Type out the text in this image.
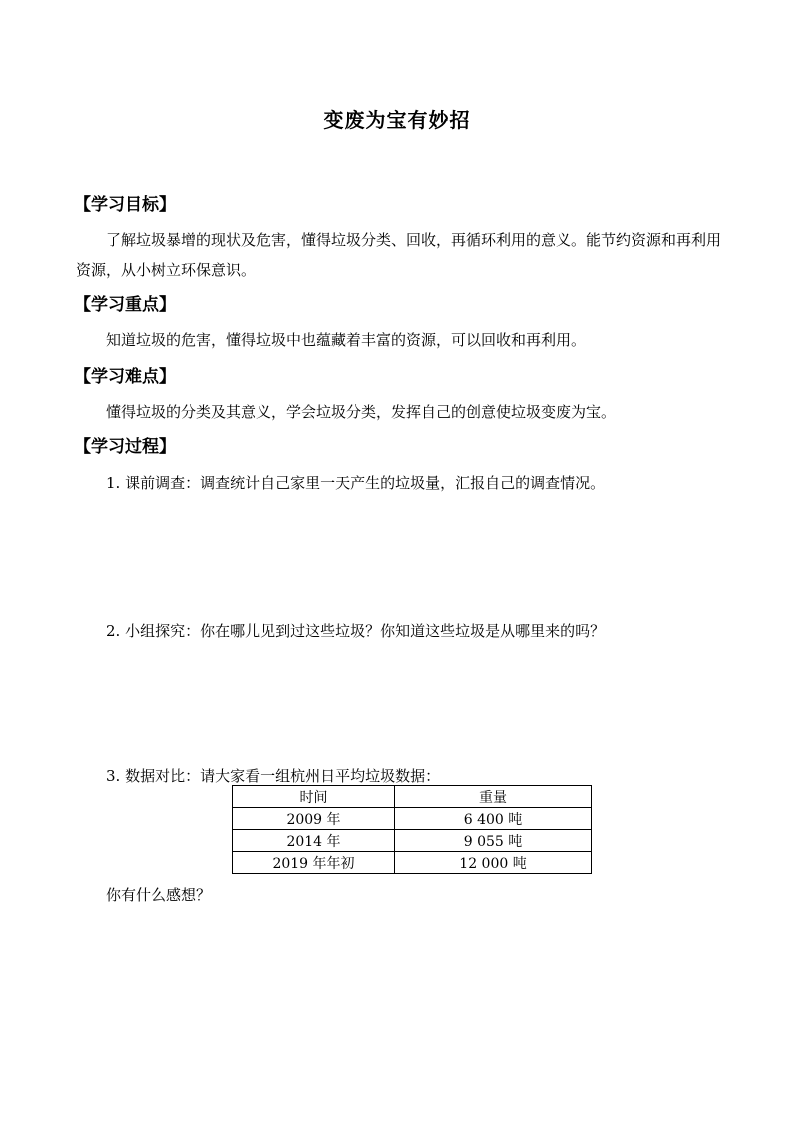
变废为宝有妙招
【学习目标】
了解垃圾暴增的现状及危害，懂得垃圾分类、回收，再循环利用的意义。能节约资源和再利用资源，从小树立环保意识。
【学习重点】
知道垃圾的危害，懂得垃圾中也蕴藏着丰富的资源，可以回收和再利用。
【学习难点】
懂得垃圾的分类及其意义，学会垃圾分类，发挥自己的创意使垃圾变废为宝。
【学习过程】
1. 课前调查：调查统计自己家里一天产生的垃圾量，汇报自己的调查情况。
2. 小组探究：你在哪儿见到过这些垃圾？你知道这些垃圾是从哪里来的吗？
3. 数据对比：请大家看一组杭州日平均垃圾数据：
时间	重量
2009 年	6 400 吨
2014 年	9 055 吨
2019 年年初	12 000 吨
你有什么感想？
